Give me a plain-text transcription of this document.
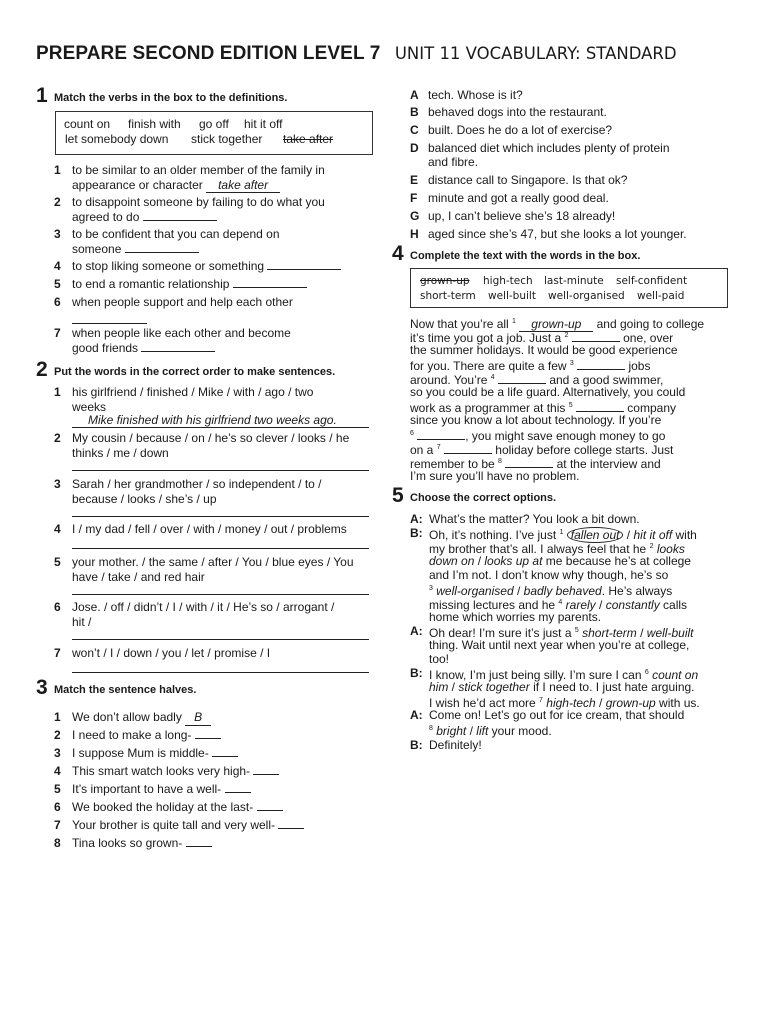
PREPARE SECOND EDITION LEVEL 7 UNIT 11 VOCABULARY: STANDARD
1 Match the verbs in the box to the definitions.
count on finish with go off hit it off
let somebody down stick together take after
1 to be similar to an older member of the family in
appearance or character take after
2 to disappoint someone by failing to do what you
agreed to do
3 to be confident that you can depend on
someone
4 to stop liking someone or something
5 to end a romantic relationship
6 when people support and help each other
7 when people like each other and become
good friends
2 Put the words in the correct order to make sentences.
1 his girlfriend / finished / Mike / with / ago / two
weeks
Mike finished with his girlfriend two weeks ago.
2 My cousin / because / on / he’s so clever / looks / he
thinks / me / down
3 Sarah / her grandmother / so independent / to /
because / looks / she’s / up
4 I / my dad / fell / over / with / money / out / problems
5 your mother. / the same / after / You / blue eyes / You
have / take / and red hair
6 Jose. / off / didn’t / I / with / it / He’s so / arrogant /
hit /
7 won’t / I / down / you / let / promise / I
3 Match the sentence halves.
1 We don’t allow badly B
2 I need to make a long-
3 I suppose Mum is middle-
4 This smart watch looks very high-
5 It’s important to have a well-
6 We booked the holiday at the last-
7 Your brother is quite tall and very well-
8 Tina looks so grown-
A tech. Whose is it?
B behaved dogs into the restaurant.
C built. Does he do a lot of exercise?
D balanced diet which includes plenty of protein
and fibre.
E distance call to Singapore. Is that ok?
F minute and got a really good deal.
G up, I can’t believe she’s 18 already!
H aged since she’s 47, but she looks a lot younger.
4 Complete the text with the words in the box.
grown-up high-tech last-minute self-confident
short-term well-built well-organised well-paid
Now that you’re all $^1$ grown-up and going to college
it’s time you got a job. Just a $^2$	one, over
the summer holidays. It would be good experience
for you. There are quite a few $^3$	jobs
around. You’re $^4$	and a good swimmer,
so you could be a life guard. Alternatively, you could
work as a programmer at this $^5$	company
since you know a lot about technology. If you’re
$^6$	, you might save enough money to go
on a $^7$	holiday before college starts. Just
remember to be $^8$	at the interview and
I’m sure you’ll have no problem.
5 Choose the correct options.
A: What’s the matter? You look a bit down.
B: Oh, it’s nothing. I’ve just $^1$ fallen out / hit it off with
my brother that’s all. I always feel that he $^2$ looks
down on / looks up at me because he’s at college
and I’m not. I don’t know why though, he’s so
$^3$ well-organised / badly behaved. He’s always
missing lectures and he $^4$ rarely / constantly calls
home which worries my parents.
A: Oh dear! I’m sure it’s just a $^5$ short-term / well-built
thing. Wait until next year when you’re at college,
too!
B: I know, I’m just being silly. I’m sure I can $^6$ count on
him / stick together if I need to. I just hate arguing.
I wish he’d act more $^7$ high-tech / grown-up with us.
A: Come on! Let’s go out for ice cream, that should
$^8$ bright / lift your mood.
B: Definitely!
